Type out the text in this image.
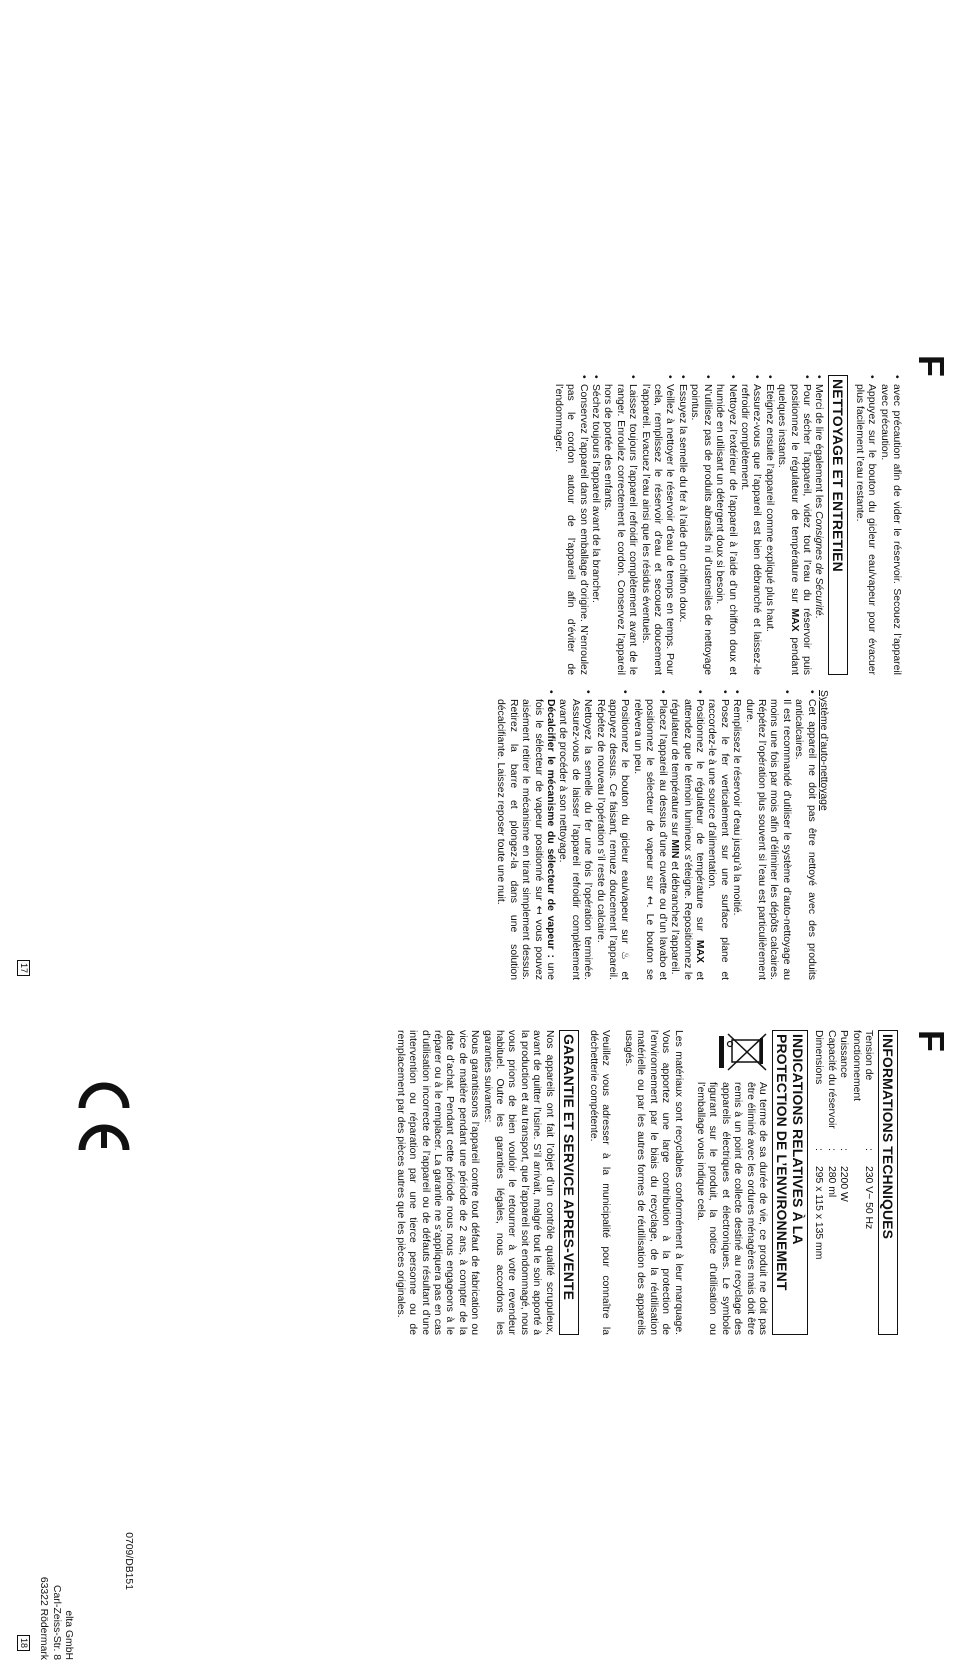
F

• avec précaution afin de vider le réservoir. Secouez l’appareil avec précaution.

• Appuyez sur le bouton du gicleur eau/vapeur pour évacuer plus facilement l’eau restante.

NETTOYAGE ET ENTRETIEN

• Merci de lire également les Consignes de Sécurité.

• Pour sécher l’appareil, videz tout l’eau du réservoir puis positionnez le régulateur de température sur MAX pendant quelques instants.

• Eteignez ensuite l’appareil comme expliqué plus haut.

• Assurez-vous que l’appareil est bien débranché et laissez-le refroidir complètement.

• Nettoyez l’extérieur de l’appareil à l’aide d’un chiffon doux et humide en utilisant un détergent doux si besoin.

• N’utilisez pas de produits abrasifs ni d’ustensiles de nettoyage pointus.

• Essuyez la semelle du fer à l’aide d’un chiffon doux.

• Veillez à nettoyer le réservoir d’eau de temps en temps. Pour cela, remplissez le réservoir d’eau et secouez doucement l’appareil. Evacuez l’eau ainsi que les résidus éventuels.

• Laissez toujours l’appareil refroidir complètement avant de le ranger. Enroulez correctement le cordon. Conservez l’appareil hors de portée des enfants.

• Séchez toujours l’appareil avant de la brancher.

• Conservez l’appareil dans son emballage d’origine. N’enroulez pas le cordon autour de l’appareil afin d’éviter de l’endommager.

Système d’auto-nettoyage

• Cet appareil ne doit pas être nettoyé avec des produits anticalcaires.

• Il est recommandé d’utiliser le système d’auto-nettoyage au moins une fois par mois afin d’éliminer les dépôts calcaires. Répétez l’opération plus souvent si l’eau est particulièrement dure.

• Remplissez le réservoir d’eau jusqu’à la moitié.

• Posez le fer verticalement sur une surface plane et raccordez-le à une source d’alimentation.

• Positionnez le régulateur de température sur MAX et attendez que le témoin lumineux s’éteigne. Repositionnez le régulateur de température sur MIN et débranchez l’appareil.

• Placez l’appareil au dessus d’une cuvette ou d’un lavabo et positionnez le sélecteur de vapeur sur ↤. Le bouton se relèvera un peu.

• Positionnez le bouton du gicleur eau/vapeur sur ♨ et appuyez dessus. Ce faisant, remuez doucement l’appareil. Répétez de nouveau l’opération s’il reste du calcaire.

• Nettoyez la semelle du fer une fois l’opération terminée. Assurez-vous de laisser l’appareil refroidir complètement avant de procéder à son nettoyage.

• Décalcifier le mécanisme du sélecteur de vapeur : une fois le sélecteur de vapeur positionné sur ↤ vous pouvez aisément retirer le mécanisme en tirant simplement dessus. Retirez la barre et plongez-la dans une solution décalcifiante. Laissez reposer toute une nuit.

17
F
INFORMATIONS TECHNIQUES
Tension de fonctionnement
:
230 V~ 50 Hz
Puissance
:
2200 W
Capacité du réservoir
:
280 ml
Dimensions
:
295 x 115 x 135 mm
INDICATIONS RELATIVES À LA PROTECTION DE L’ENVIRONNEMENT
Au terme de sa durée de vie, ce produit ne doit pas être éliminé avec les ordures ménagères mais doit être remis à un point de collecte destiné au recyclage des appareils électriques et électroniques. Le symbole figurant sur le produit, la notice d’utilisation ou l’emballage vous indique cela.

Les matériaux sont recyclables conformément à leur marquage. Vous apportez une large contribution à la protection de l’environnement par le biais du recyclage, de la réutilisation matérielle ou par les autres formes de réutilisation des appareils usagés.

Veuillez vous adresser à la municipalité pour connaître la déchetterie compétente.

GARANTIE ET SERVICE APRES-VENTE

Nos appareils ont fait l’objet d’un contrôle qualité scrupuleux, avant de quitter l’usine. S’il arrivait, malgré tout le soin apporté à la production et au transport, que l’appareil soit endommagé, nous vous prions de bien vouloir le retourner à votre revendeur habituel. Outre les garanties légales, nous accordons les garanties suivantes:

Nous garantissons l’appareil contre tout défaut de fabrication ou vice de matière pendant une période de 2 ans, à compter de la date d’achat. Pendant cette période nous nous engageons à le réparer ou à le remplacer. La garantie ne s’appliquera pas en cas d’utilisation incorrecte de l’appareil ou de défauts résultant d’une intervention ou réparation par une tierce personne ou de remplacement par des pièces autres que les pièces originales.

0709/DB151
elta GmbH
Carl-Zeiss-Str. 8
63322 Rödermark
18
